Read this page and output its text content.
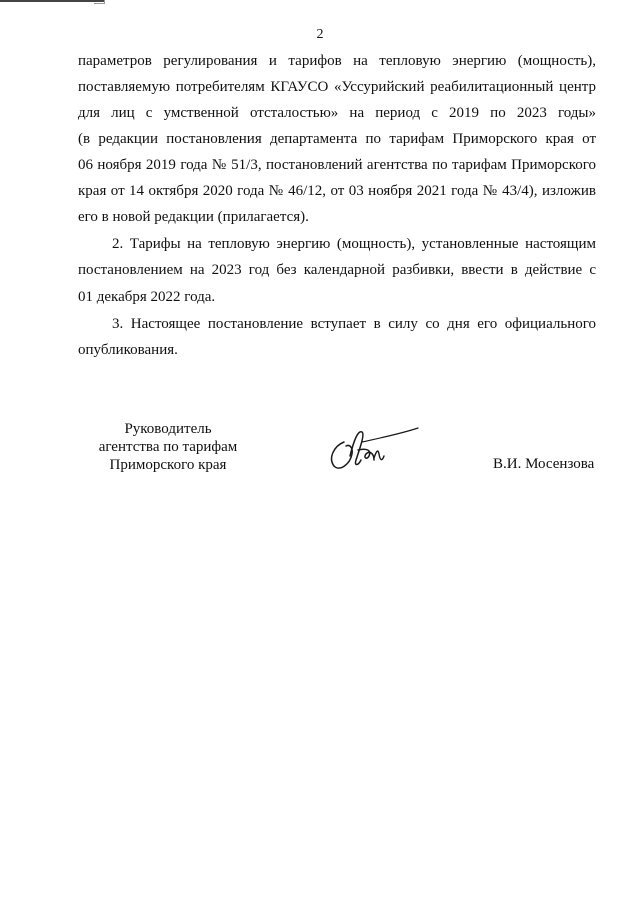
2
параметров регулирования и тарифов на тепловую энергию (мощность),
поставляемую потребителям КГАУСО «Уссурийский реабилитационный центр
для лиц с умственной отсталостью» на период с 2019 по 2023 годы»
(в редакции постановления департамента по тарифам Приморского края от
06 ноября 2019 года № 51/3, постановлений агентства по тарифам Приморского
края от 14 октября 2020 года № 46/12, от 03 ноября 2021 года № 43/4), изложив
его в новой редакции (прилагается).
2. Тарифы на тепловую энергию (мощность), установленные настоящим
постановлением на 2023 год без календарной разбивки, ввести в действие с
01 декабря 2022 года.
3. Настоящее постановление вступает в силу со дня его официального
опубликования.
Руководитель
агентства по тарифам
Приморского края	В.И. Мосензова
